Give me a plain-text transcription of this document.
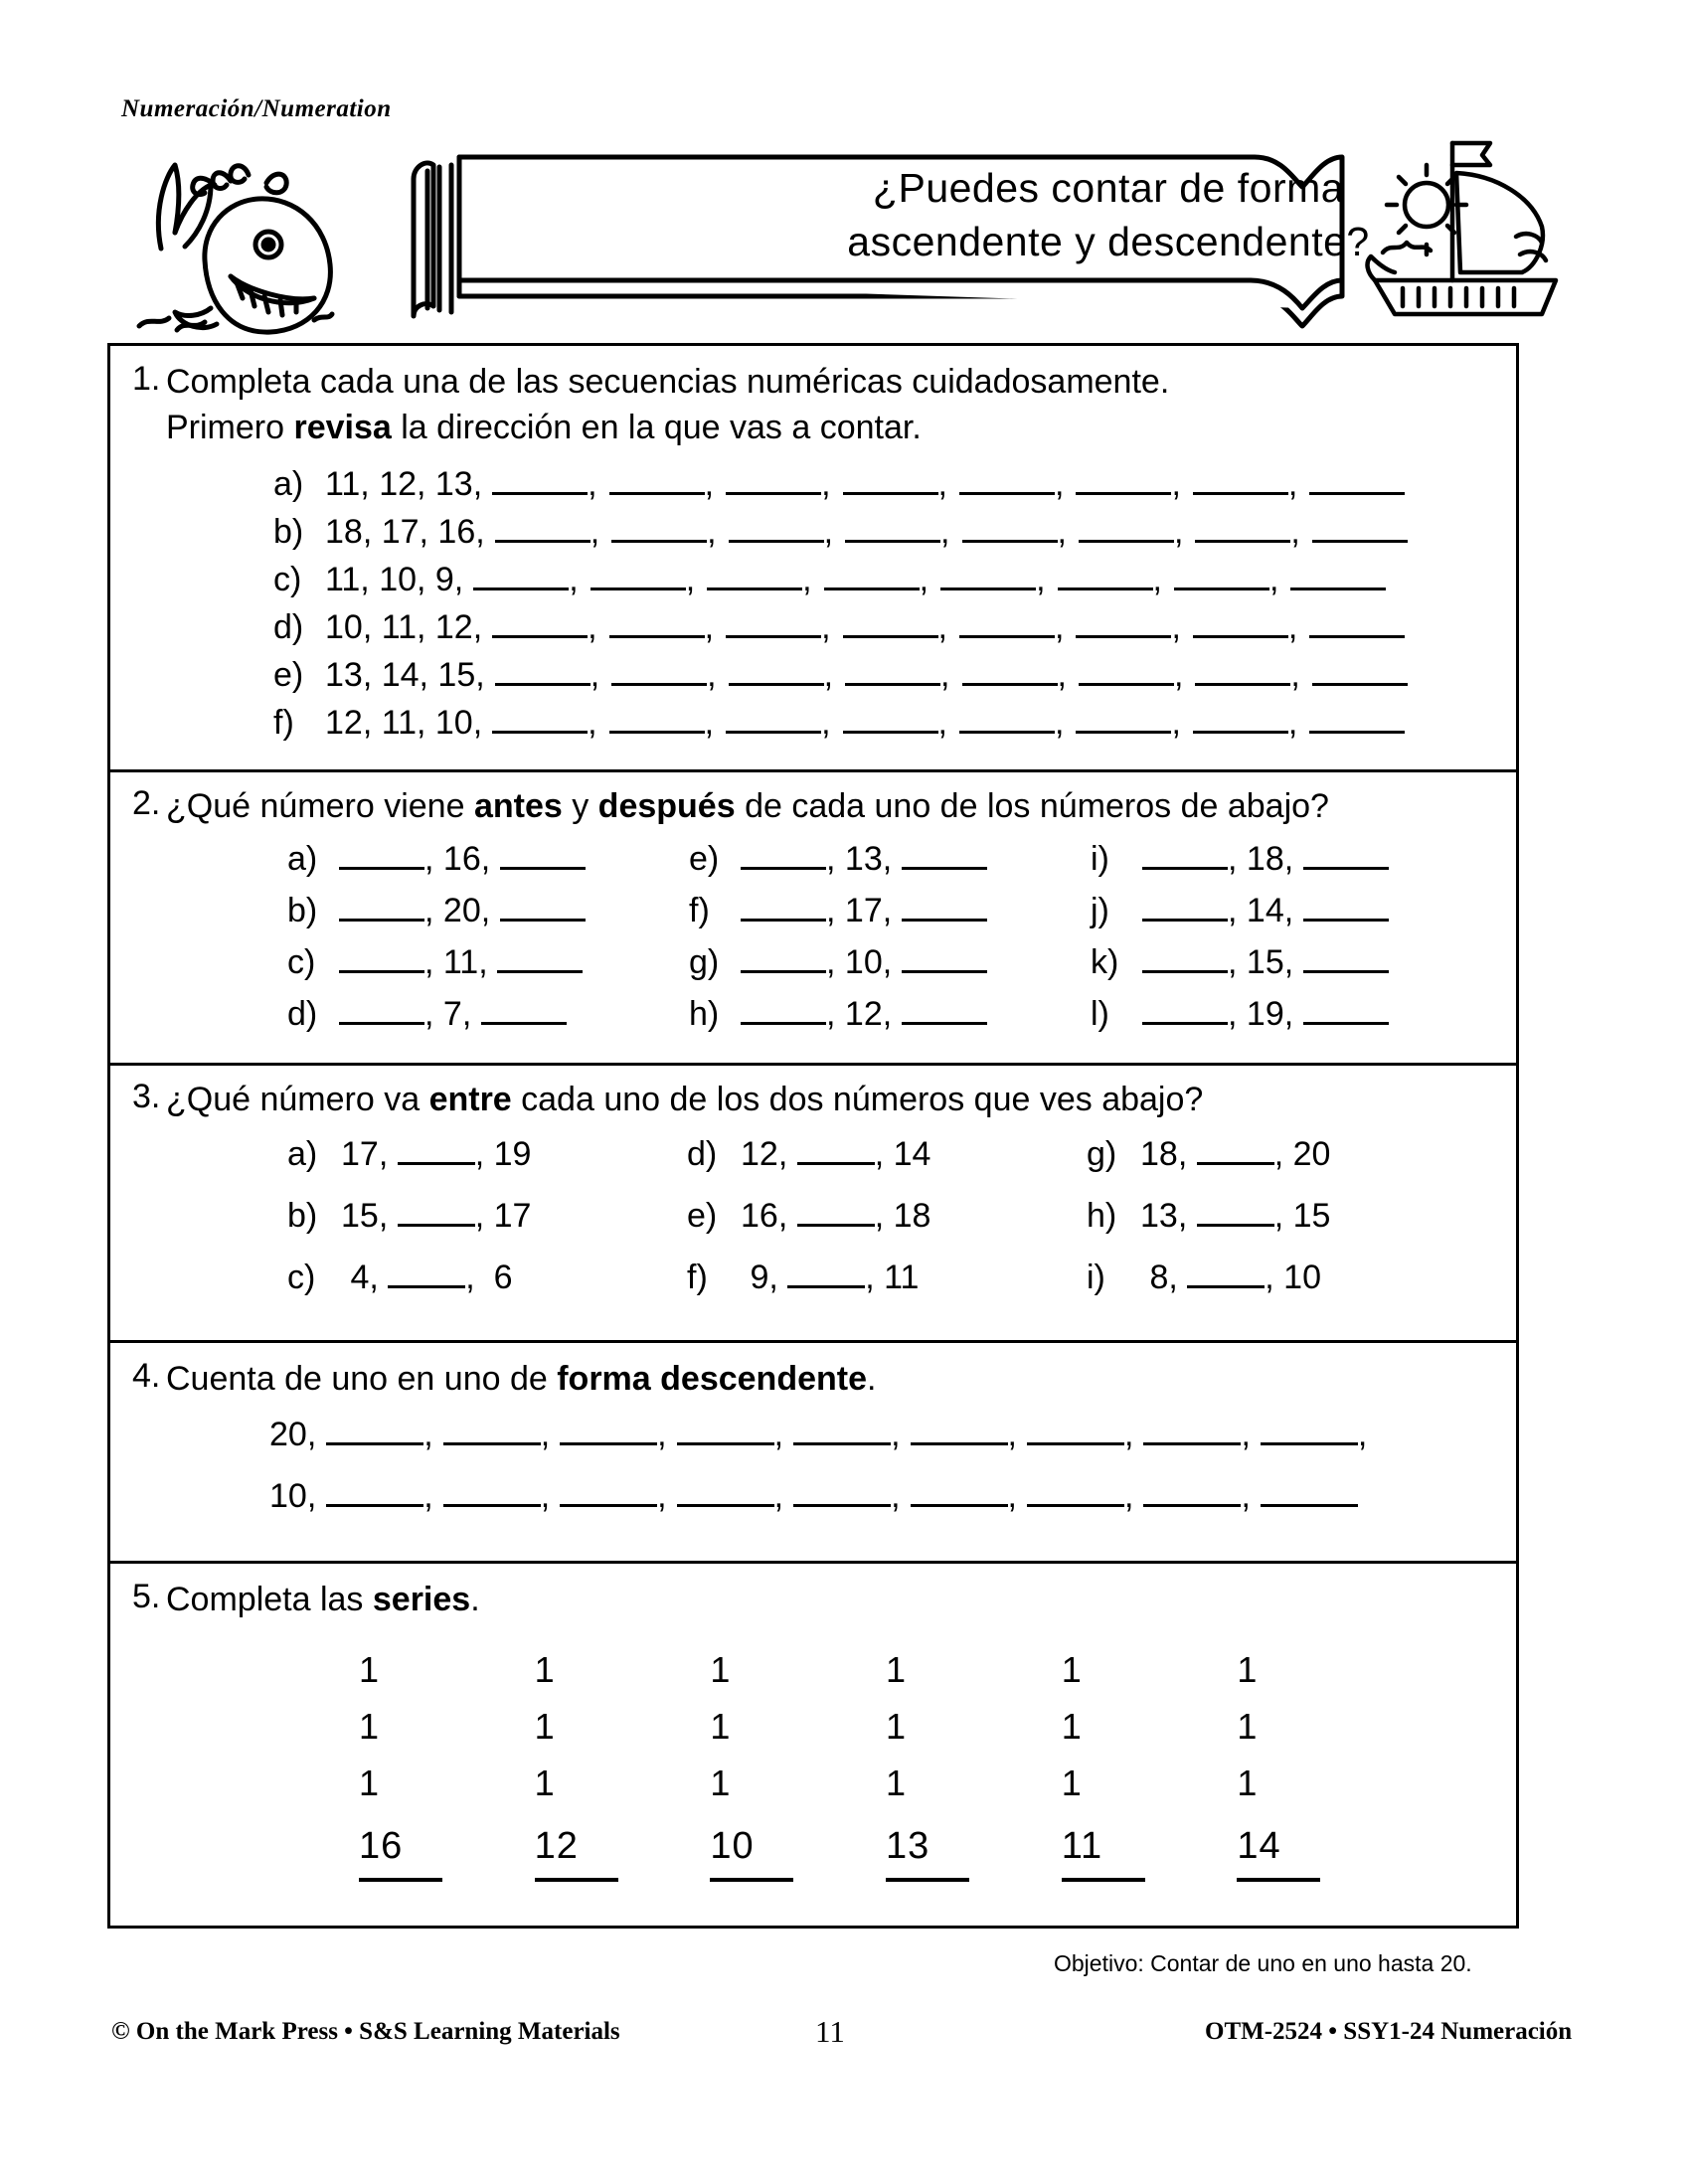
Numeración/Numeration
¿Puedes contar de forma
ascendente y descendente?
1. Completa cada una de las secuencias numéricas cuidadosamente.
Primero revisa la dirección en la que vas a contar.
a) 11, 12, 13,	,	,	,	,	,	,	,
b) 18, 17, 16,	,	,	,	,	,	,	,
c) 11, 10, 9,	,	,	,	,	,	,	,
d) 10, 11, 12,	,	,	,	,	,	,	,
e) 13, 14, 15,	,	,	,	,	,	,	,
f) 12, 11, 10,	,	,	,	,	,	,	,
2. ¿Qué número viene antes y después de cada uno de los números de abajo?
a)	, 16,

b)	, 20,

c)	, 11,

d)	, 7,

e)	, 13,

f)	, 17,

g)	, 10,

h)	, 12,

i)	, 18,

j)	, 14,

k)	, 15,

l)	, 19,

3. ¿Qué número va entre cada uno de los dos números que ves abajo?
a) 17,
	, 19
b) 15,
	, 17
c) 4,
	,  6
d) 12,
	, 14
e) 16,
	, 18
f) 9,
	, 11
g) 18,
	, 20
h) 13,
	, 15
i)	8,
	, 10
4. Cuenta de uno en uno de forma descendente.
20,	,	,	,	,	,	,	,	,	,
10,	,	,	,	,	,	,	,	,
5. Completa las series.
1	1	1	1	1	1
1	1	1	1	1	1
1	1	1	1	1	1
16	12	10	13	11	14
Objetivo: Contar de uno en uno hasta 20.
© On the Mark Press • S&S Learning Materials	11	OTM-2524 • SSY1-24 Numeración
